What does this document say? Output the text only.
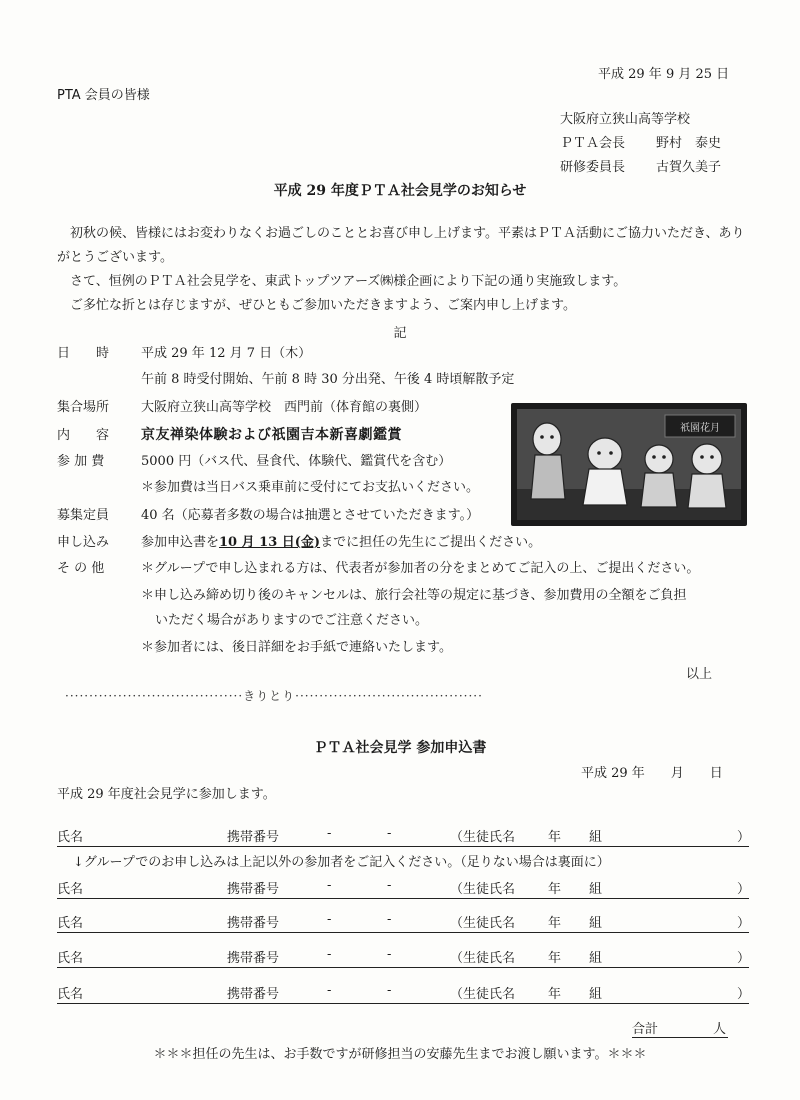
平成 29 年 9 月 25 日
PTA 会員の皆様
大阪府立狭山高等学校
ＰＴＡ会長 野村　泰史
研修委員長 古賀久美子
平成 29 年度ＰＴＡ社会見学のお知らせ

初秋の候、皆様にはお変わりなくお過ごしのこととお喜び申し上げます。平素はＰＴＡ活動にご協力いただき、ありがとうございます。

さて、恒例のＰＴＡ社会見学を、東武トップツアーズ㈱様企画により下記の通り実施致します。

ご多忙な折とは存じますが、ぜひともご参加いただきますよう、ご案内申し上げます。

記
日　　時 平成 29 年 12 月 7 日（木）
午前 8 時受付開始、午前 8 時 30 分出発、午後 4 時頃解散予定
集合場所 大阪府立狭山高等学校　西門前（体育館の裏側）
内　　容 京友禅染体験および祇園吉本新喜劇鑑賞
参 加 費	5000 円（バス代、昼食代、体験代、鑑賞代を含む）
＊参加費は当日バス乗車前に受付にてお支払いください。
募集定員 40 名（応募者多数の場合は抽選とさせていただきます。）
申し込み 参加申込書を10 月 13 日(金)までに担任の先生にご提出ください。
そ の 他	＊グループで申し込まれる方は、代表者が参加者の分をまとめてご記入の上、ご提出ください。
＊申し込み締め切り後のキャンセルは、旅行会社等の規定に基づき、参加費用の全額をご負担
いただく場合がありますのでご注意ください。
＊参加者には、後日詳細をお手紙で連絡いたします。
以上
祇園花月
·····································きりとり·······································
ＰＴＡ社会見学 参加申込書
平成 29 年　　月　　日
平成 29 年度社会見学に参加します。
氏名	携帯番号	-	-	（生徒氏名	年 組	）
↓グループでのお申し込みは上記以外の参加者をご記入ください。（足りない場合は裏面に）
氏名	携帯番号	-	-	（生徒氏名	年 組	）
氏名	携帯番号	-	-	（生徒氏名	年 組	）
氏名	携帯番号	-	-	（生徒氏名	年 組	）
氏名	携帯番号	-	-	（生徒氏名	年 組	）
合計	人
＊＊＊担任の先生は、お手数ですが研修担当の安藤先生までお渡し願います。＊＊＊
